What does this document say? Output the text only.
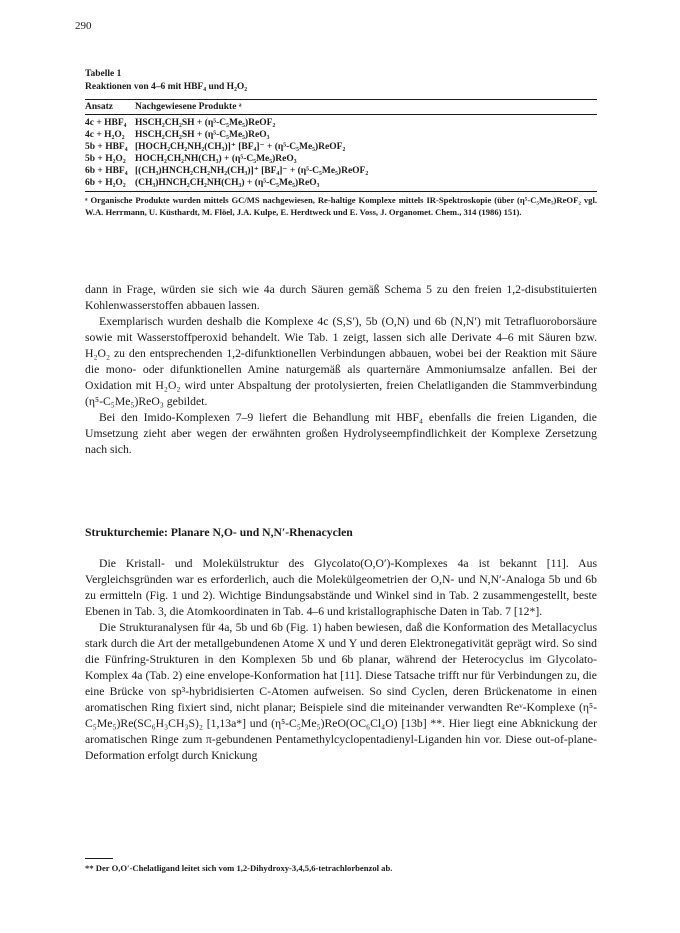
290
Tabelle 1
Reaktionen von 4–6 mit HBF₄ und H₂O₂
Ansatz	Nachgewiesene Produkte ᵃ
4c + HBF₄ HSCH₂CH₂SH + (η⁵-C₅Me₅)ReOF₂
4c + H₂O₂	HSCH₂CH₂SH + (η⁵-C₅Me₅)ReO₃
5b + HBF₄ [HOCH₂CH₂NH₂(CH₃)]⁺ [BF₄]⁻ + (η⁵-C₅Me₅)ReOF₂
5b + H₂O₂ HOCH₂CH₂NH(CH₃) + (η⁵-C₅Me₅)ReO₃
6b + HBF₄ [(CH₃)HNCH₂CH₂NH₂(CH₃)]⁺ [BF₄]⁻ + (η⁵-C₅Me₅)ReOF₂
6b + H₂O₂ (CH₃)HNCH₂CH₂NH(CH₃) + (η⁵-C₅Me₅)ReO₃
ᵃ Organische Produkte wurden mittels GC/MS nachgewiesen, Re-haltige Komplexe mittels IR-Spektroskopie (über (η⁵-C₅Me₅)ReOF₂ vgl. W.A. Herrmann, U. Küsthardt, M. Flöel, J.A. Kulpe, E. Herdtweck und E. Voss, J. Organomet. Chem., 314 (1986) 151).

dann in Frage, würden sie sich wie 4a durch Säuren gemäß Schema 5 zu den freien 1,2-disubstituierten Kohlenwasserstoffen abbauen lassen.

Exemplarisch wurden deshalb die Komplexe 4c (S,S′), 5b (O,N) und 6b (N,N′) mit Tetrafluoroborsäure sowie mit Wasserstoffperoxid behandelt. Wie Tab. 1 zeigt, lassen sich alle Derivate 4–6 mit Säuren bzw. H₂O₂ zu den entsprechenden 1,2-difunktionellen Verbindungen abbauen, wobei bei der Reaktion mit Säure die mono- oder difunktionellen Amine naturgemäß als quarternäre Ammoniumsalze anfallen. Bei der Oxidation mit H₂O₂ wird unter Abspaltung der protolysierten, freien Chelatliganden die Stammverbindung (η⁵-C₅Me₅)ReO₃ gebildet.

Bei den Imido-Komplexen 7–9 liefert die Behandlung mit HBF₄ ebenfalls die freien Liganden, die Umsetzung zieht aber wegen der erwähnten großen Hydrolyseempfindlichkeit der Komplexe Zersetzung nach sich.

Strukturchemie: Planare N,O- und N,N′-Rhenacyclen

Die Kristall- und Molekülstruktur des Glycolato(O,O′)-Komplexes 4a ist bekannt [11]. Aus Vergleichsgründen war es erforderlich, auch die Molekülgeometrien der O,N- und N,N′-Analoga 5b und 6b zu ermitteln (Fig. 1 und 2). Wichtige Bindungsabstände und Winkel sind in Tab. 2 zusammengestellt, beste Ebenen in Tab. 3, die Atomkoordinaten in Tab. 4–6 und kristallographische Daten in Tab. 7 [12*].

Die Strukturanalysen für 4a, 5b und 6b (Fig. 1) haben bewiesen, daß die Konformation des Metallacyclus stark durch die Art der metallgebundenen Atome X und Y und deren Elektronegativität geprägt wird. So sind die Fünfring-Strukturen in den Komplexen 5b und 6b planar, während der Heterocyclus im Glycolato-Komplex 4a (Tab. 2) eine envelope-Konformation hat [11]. Diese Tatsache trifft nur für Verbindungen zu, die eine Brücke von sp³-hybridisierten C-Atomen aufweisen. So sind Cyclen, deren Brückenatome in einen aromatischen Ring fixiert sind, nicht planar; Beispiele sind die miteinander verwandten Reᵛ-Komplexe (η⁵-C₅Me₅)Re(SC₆H₃CH₃S)₂ [1,13a*] und (η⁵-C₅Me₅)ReO(OC₆Cl₄O) [13b] **. Hier liegt eine Abknickung der aromatischen Ringe zum π-gebundenen Pentamethylcyclopentadienyl-Liganden hin vor. Diese out-of-plane-Deformation erfolgt durch Knickung

** Der O,O′-Chelatligand leitet sich vom 1,2-Dihydroxy-3,4,5,6-tetrachlorbenzol ab.
